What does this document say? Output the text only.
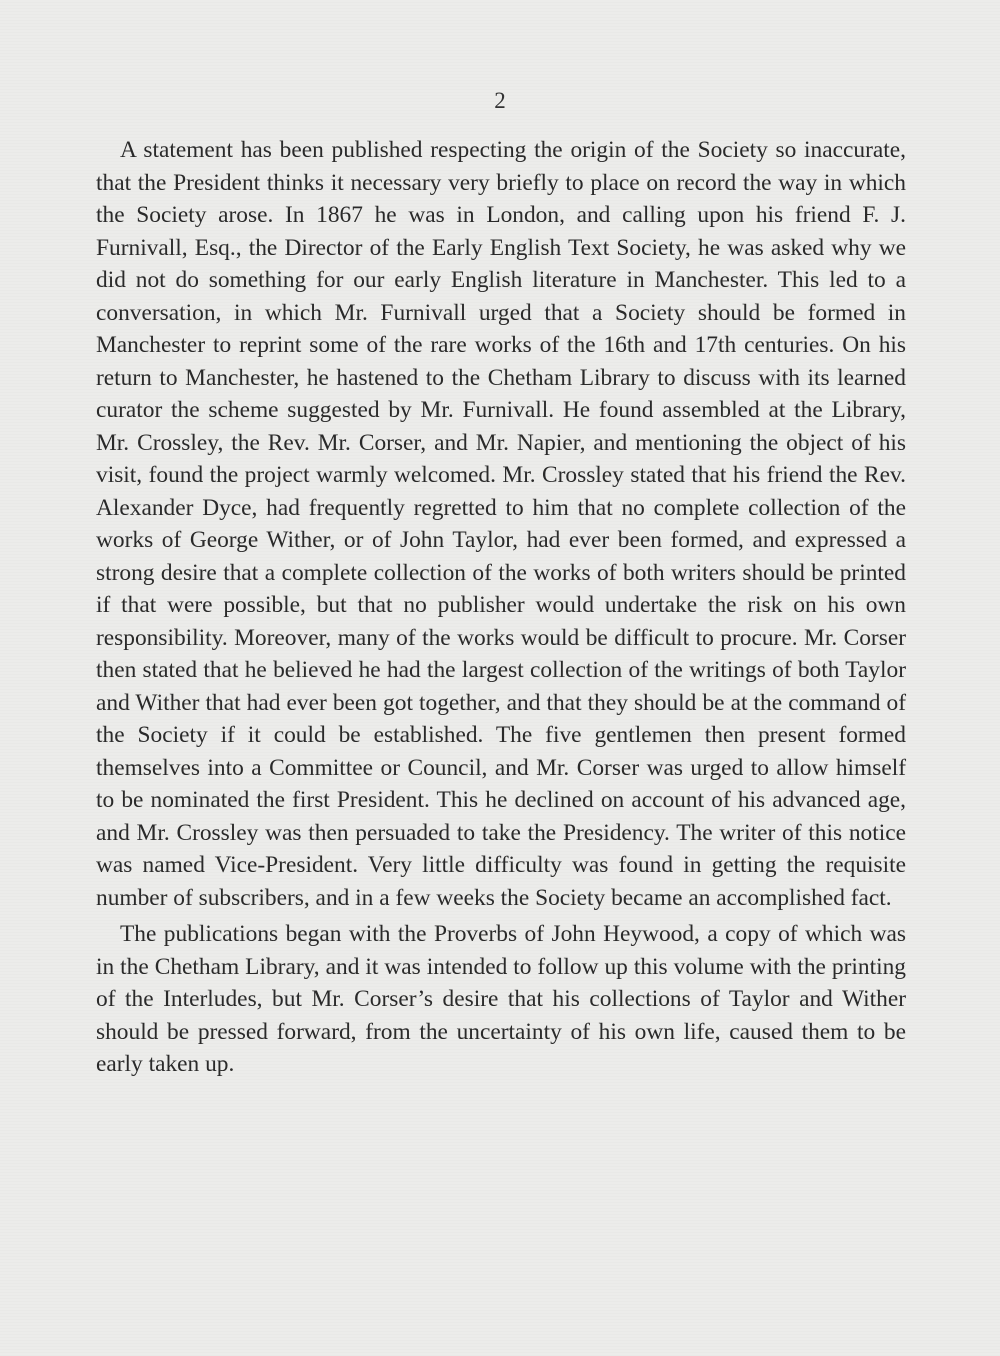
2

A statement has been published respecting the origin of the Society so inaccurate, that the President thinks it necessary very briefly to place on record the way in which the Society arose. In 1867 he was in London, and calling upon his friend F. J. Furnivall, Esq., the Director of the Early English Text Society, he was asked why we did not do something for our early English literature in Manchester. This led to a conversation, in which Mr. Furnivall urged that a Society should be formed in Manchester to reprint some of the rare works of the 16th and 17th centuries. On his return to Manchester, he hastened to the Chetham Library to discuss with its learned curator the scheme suggested by Mr. Furnivall. He found assembled at the Library, Mr. Crossley, the Rev. Mr. Corser, and Mr. Napier, and mentioning the object of his visit, found the project warmly welcomed. Mr. Crossley stated that his friend the Rev. Alexander Dyce, had frequently regretted to him that no complete collection of the works of George Wither, or of John Taylor, had ever been formed, and expressed a strong desire that a complete collection of the works of both writers should be printed if that were possible, but that no publisher would undertake the risk on his own responsibility. Moreover, many of the works would be difficult to procure. Mr. Corser then stated that he believed he had the largest collection of the writings of both Taylor and Wither that had ever been got together, and that they should be at the command of the Society if it could be established. The five gentlemen then present formed themselves into a Committee or Council, and Mr. Corser was urged to allow himself to be nominated the first President. This he declined on account of his advanced age, and Mr. Crossley was then persuaded to take the Presidency. The writer of this notice was named Vice-President. Very little difficulty was found in getting the requisite number of subscribers, and in a few weeks the Society became an accomplished fact.

The publications began with the Proverbs of John Heywood, a copy of which was in the Chetham Library, and it was intended to follow up this volume with the printing of the Interludes, but Mr. Corser’s desire that his collections of Taylor and Wither should be pressed forward, from the uncertainty of his own life, caused them to be early taken up.
